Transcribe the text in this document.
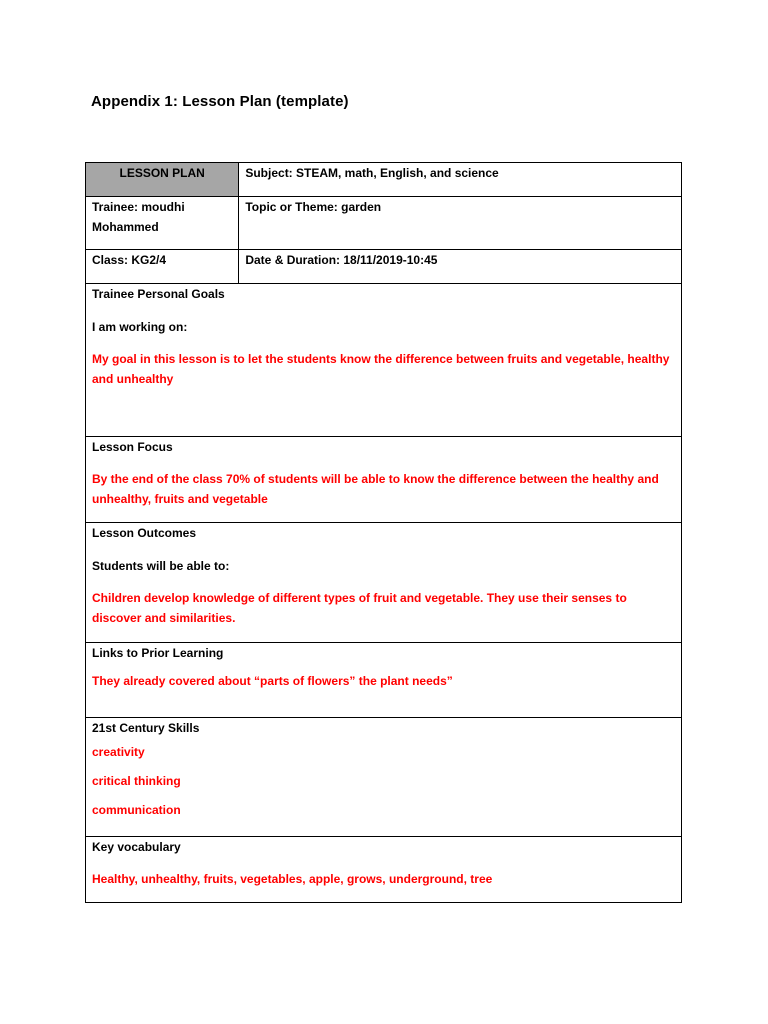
Appendix 1: Lesson Plan (template)
LESSON PLAN	Subject: STEAM, math, English, and science
Trainee: moudhi Mohammed	Topic or Theme: garden
Class: KG2/4	Date & Duration: 18/11/2019-10:45

Trainee Personal Goals
I am working on:

My goal in this lesson is to let the students know the difference between fruits and vegetable, healthy and unhealthy	

Lesson Focus

By the end of the class 70% of students will be able to know the difference between the healthy and unhealthy, fruits and vegetable	

Lesson Outcomes
Students will be able to:

Children develop knowledge of different types of fruit and vegetable. They use their senses to discover and similarities.	

Links to Prior Learning

They already covered about “parts of flowers” the plant needs”	

21st Century Skills

creativity

critical thinking

communication	

Key vocabulary

Healthy, unhealthy, fruits, vegetables, apple, grows, underground, tree	
